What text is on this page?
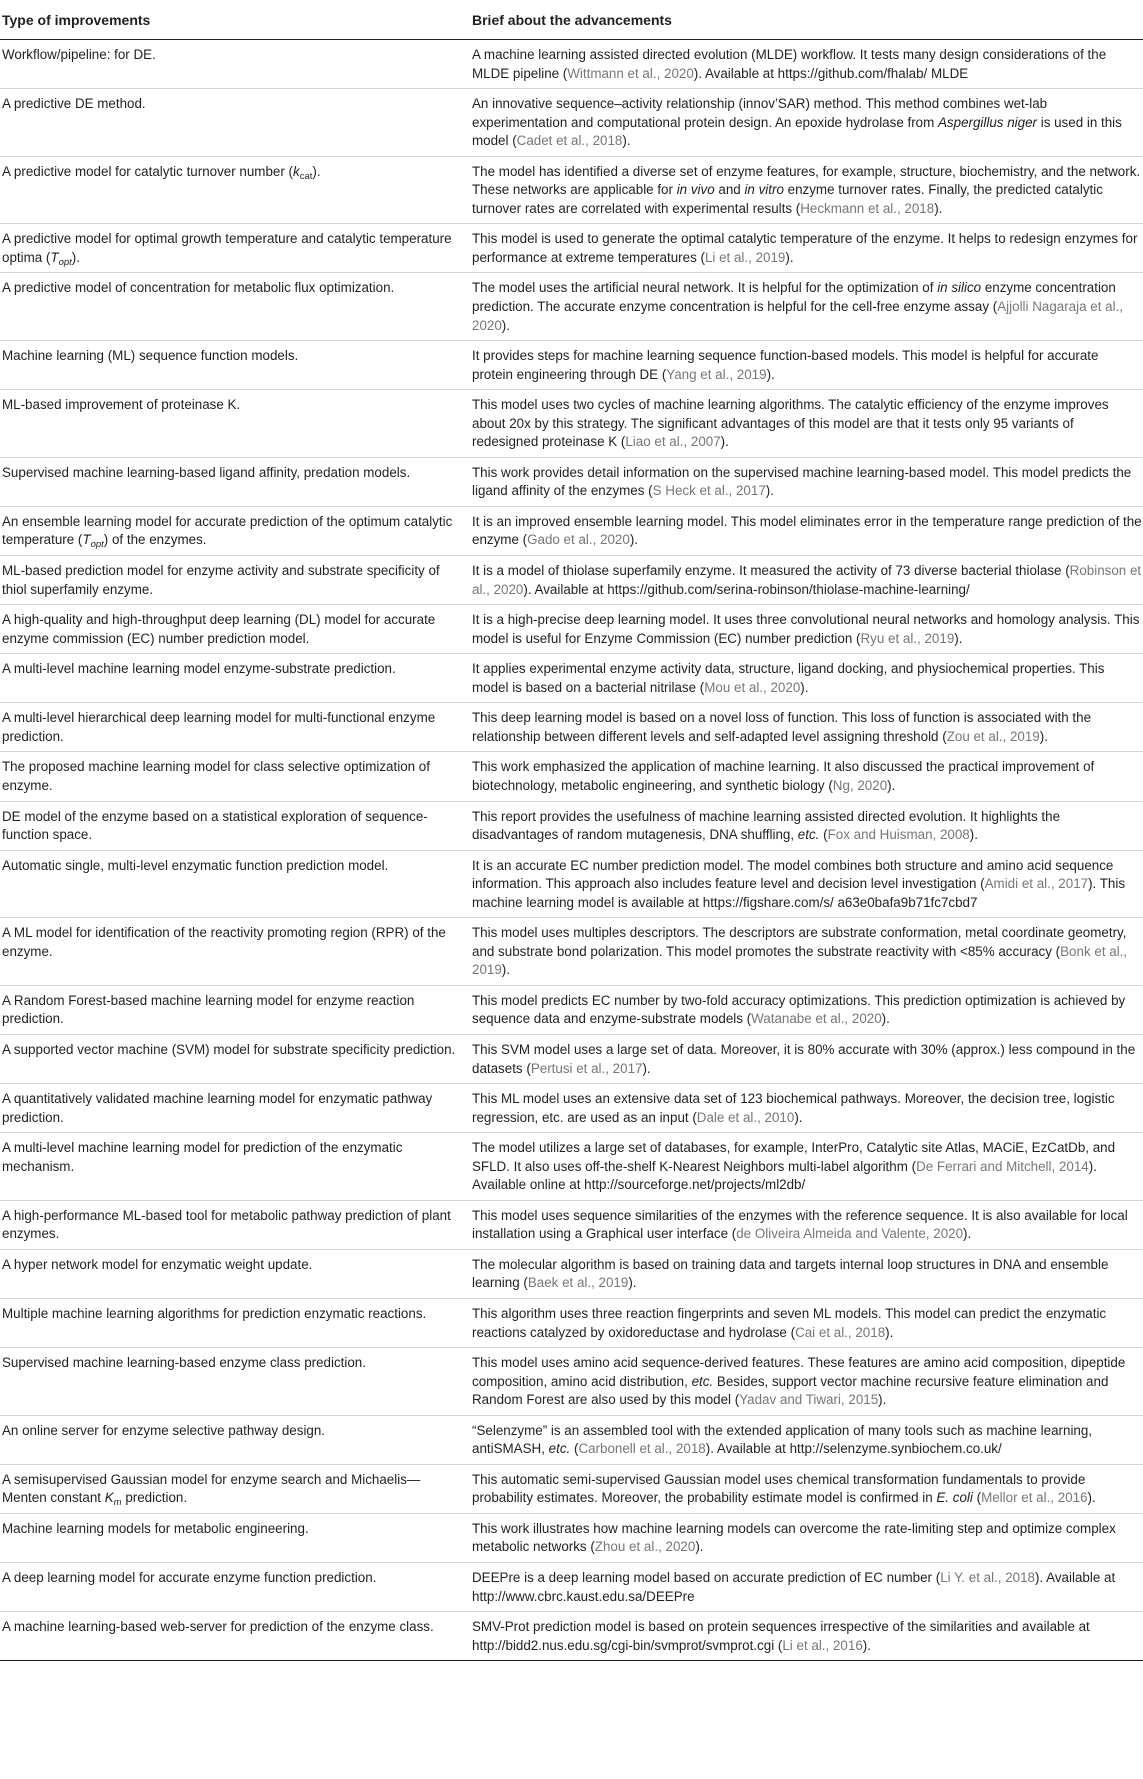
Type of improvements	Brief about the advancements
Workflow/pipeline: for DE.	A machine learning assisted directed evolution (MLDE) workflow. It tests many design considerations of the MLDE pipeline (Wittmann et al., 2020). Available at https://github.com/fhalab/ MLDE
A predictive DE method.	An innovative sequence–activity relationship (innov’SAR) method. This method combines wet-lab experimentation and computational protein design. An epoxide hydrolase from Aspergillus niger is used in this model (Cadet et al., 2018).
A predictive model for catalytic turnover number $(k_{cat})$.	The model has identified a diverse set of enzyme features, for example, structure, biochemistry, and the network. These networks are applicable for in vivo and in vitro enzyme turnover rates. Finally, the predicted catalytic turnover rates are correlated with experimental results (Heckmann et al., 2018).
A predictive model for optimal growth temperature and catalytic temperature optima $(T_{opt})$.	This model is used to generate the optimal catalytic temperature of the enzyme. It helps to redesign enzymes for performance at extreme temperatures (Li et al., 2019).
A predictive model of concentration for metabolic flux optimization.	The model uses the artificial neural network. It is helpful for the optimization of in silico enzyme concentration prediction. The accurate enzyme concentration is helpful for the cell-free enzyme assay (Ajjolli Nagaraja et al., 2020).
Machine learning (ML) sequence function models.	It provides steps for machine learning sequence function-based models. This model is helpful for accurate protein engineering through DE (Yang et al., 2019).
ML-based improvement of proteinase K.	This model uses two cycles of machine learning algorithms. The catalytic efficiency of the enzyme improves about 20x by this strategy. The significant advantages of this model are that it tests only 95 variants of redesigned proteinase K (Liao et al., 2007).
Supervised machine learning-based ligand affinity, predation models.	This work provides detail information on the supervised machine learning-based model. This model predicts the ligand affinity of the enzymes (S Heck et al., 2017).
An ensemble learning model for accurate prediction of the optimum catalytic temperature $(T_{opt})$ of the enzymes.	It is an improved ensemble learning model. This model eliminates error in the temperature range prediction of the enzyme (Gado et al., 2020).
ML-based prediction model for enzyme activity and substrate specificity of thiol superfamily enzyme.	It is a model of thiolase superfamily enzyme. It measured the activity of 73 diverse bacterial thiolase (Robinson et al., 2020). Available at https://github.com/serina-robinson/thiolase-machine-learning/
A high-quality and high-throughput deep learning (DL) model for accurate enzyme commission (EC) number prediction model.	It is a high-precise deep learning model. It uses three convolutional neural networks and homology analysis. This model is useful for Enzyme Commission (EC) number prediction (Ryu et al., 2019).
A multi-level machine learning model enzyme-substrate prediction.	It applies experimental enzyme activity data, structure, ligand docking, and physiochemical properties. This model is based on a bacterial nitrilase (Mou et al., 2020).
A multi-level hierarchical deep learning model for multi-functional enzyme prediction.	This deep learning model is based on a novel loss of function. This loss of function is associated with the relationship between different levels and self-adapted level assigning threshold (Zou et al., 2019).
The proposed machine learning model for class selective optimization of enzyme.	This work emphasized the application of machine learning. It also discussed the practical improvement of biotechnology, metabolic engineering, and synthetic biology (Ng, 2020).
DE model of the enzyme based on a statistical exploration of sequence-function space.	This report provides the usefulness of machine learning assisted directed evolution. It highlights the disadvantages of random mutagenesis, DNA shuffling, etc. (Fox and Huisman, 2008).
Automatic single, multi-level enzymatic function prediction model.	It is an accurate EC number prediction model. The model combines both structure and amino acid sequence information. This approach also includes feature level and decision level investigation (Amidi et al., 2017). This machine learning model is available at https://figshare.com/s/ a63e0bafa9b71fc7cbd7
A ML model for identification of the reactivity promoting region (RPR) of the enzyme.	This model uses multiples descriptors. The descriptors are substrate conformation, metal coordinate geometry, and substrate bond polarization. This model promotes the substrate reactivity with <85% accuracy (Bonk et al., 2019).
A Random Forest-based machine learning model for enzyme reaction prediction.	This model predicts EC number by two-fold accuracy optimizations. This prediction optimization is achieved by sequence data and enzyme-substrate models (Watanabe et al., 2020).
A supported vector machine (SVM) model for substrate specificity prediction.	This SVM model uses a large set of data. Moreover, it is 80% accurate with 30% (approx.) less compound in the datasets (Pertusi et al., 2017).
A quantitatively validated machine learning model for enzymatic pathway prediction.	This ML model uses an extensive data set of 123 biochemical pathways. Moreover, the decision tree, logistic regression, etc. are used as an input (Dale et al., 2010).
A multi-level machine learning model for prediction of the enzymatic mechanism.	The model utilizes a large set of databases, for example, InterPro, Catalytic site Atlas, MACiE, EzCatDb, and SFLD. It also uses off-the-shelf K-Nearest Neighbors multi-label algorithm (De Ferrari and Mitchell, 2014). Available online at http://sourceforge.net/projects/ml2db/
A high-performance ML-based tool for metabolic pathway prediction of plant enzymes.	This model uses sequence similarities of the enzymes with the reference sequence. It is also available for local installation using a Graphical user interface (de Oliveira Almeida and Valente, 2020).
A hyper network model for enzymatic weight update.	The molecular algorithm is based on training data and targets internal loop structures in DNA and ensemble learning (Baek et al., 2019).
Multiple machine learning algorithms for prediction enzymatic reactions.	This algorithm uses three reaction fingerprints and seven ML models. This model can predict the enzymatic reactions catalyzed by oxidoreductase and hydrolase (Cai et al., 2018).
Supervised machine learning-based enzyme class prediction.	This model uses amino acid sequence-derived features. These features are amino acid composition, dipeptide composition, amino acid distribution, etc. Besides, support vector machine recursive feature elimination and Random Forest are also used by this model (Yadav and Tiwari, 2015).
An online server for enzyme selective pathway design.	“Selenzyme” is an assembled tool with the extended application of many tools such as machine learning, antiSMASH, etc. (Carbonell et al., 2018). Available at http://selenzyme.synbiochem.co.uk/
A semisupervised Gaussian model for enzyme search and Michaelis—Menten constant $K_m$ prediction.	This automatic semi-supervised Gaussian model uses chemical transformation fundamentals to provide probability estimates. Moreover, the probability estimate model is confirmed in E. coli (Mellor et al., 2016).
Machine learning models for metabolic engineering.	This work illustrates how machine learning models can overcome the rate-limiting step and optimize complex metabolic networks (Zhou et al., 2020).
A deep learning model for accurate enzyme function prediction.	DEEPre is a deep learning model based on accurate prediction of EC number (Li Y. et al., 2018). Available at http://www.cbrc.kaust.edu.sa/DEEPre
A machine learning-based web-server for prediction of the enzyme class.	SMV-Prot prediction model is based on protein sequences irrespective of the similarities and available at http://bidd2.nus.edu.sg/cgi-bin/svmprot/svmprot.cgi (Li et al., 2016).
